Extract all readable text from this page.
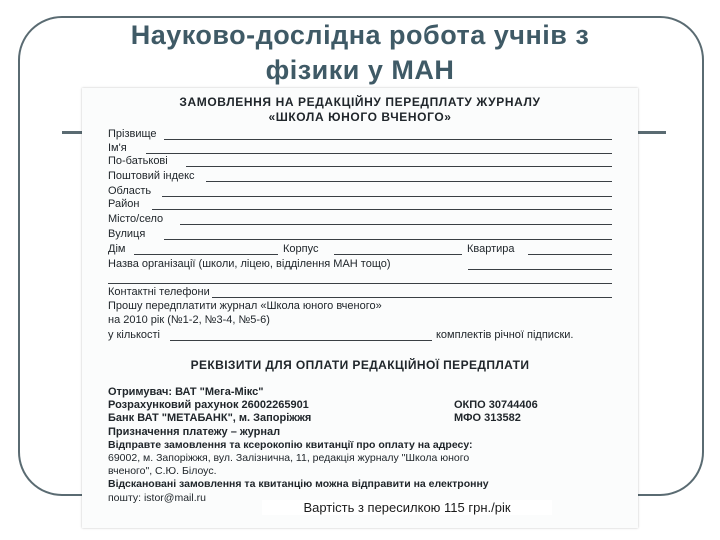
Науково-дослідна робота учнів з
фізики у МАН
ЗАМОВЛЕННЯ НА РЕДАКЦІЙНУ ПЕРЕДПЛАТУ ЖУРНАЛУ
«ШКОЛА ЮНОГО ВЧЕНОГО»
Прізвище
Ім'я
По-батькові
Поштовий індекс
Область
Район
Місто/село
Вулиця
Дім	Корпус	Квартира
Назва організації (школи, ліцею, відділення МАН тощо)
Контактні телефони
Прошу передплатити журнал «Школа юного вченого»
на 2010 рік (№1-2, №3-4, №5-6)
у кількості	комплектів річної підписки.
РЕКВІЗИТИ ДЛЯ ОПЛАТИ РЕДАКЦІЙНОЇ ПЕРЕДПЛАТИ
Отримувач: ВАТ "Мега-Мікс"
Розрахунковий рахунок 26002265901	ОКПО 30744406
Банк ВАТ "МЕТАБАНК", м. Запоріжжя	МФО 313582
Призначення платежу – журнал
Відправте замовлення та ксерокопію квитанції про оплату на адресу:
69002, м. Запоріжжя, вул. Залізнична, 11, редакція журналу "Школа юного
вченого", С.Ю. Білоус.
Відскановані замовлення та квитанцію можна відправити на електронну
пошту: istor@mail.ru
Вартість з пересилкою 115 грн./рік
